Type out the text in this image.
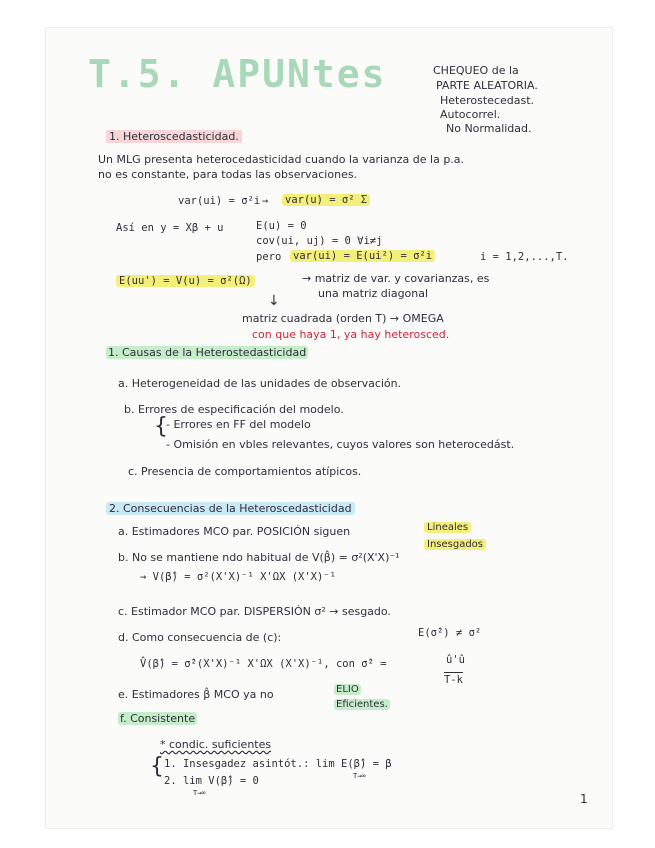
T.5. APUNtes	CHEQUEO de la
PARTE ALEATORIA.
Heterostecedast.
Autocorrel.
No Normalidad.
1. Heteroscedasticidad.
Un MLG presenta heterocedasticidad cuando la varianza de la p.a.
no es constante, para todas las observaciones.
var(ui) = σ²i → var(u) = σ² Σ
Así en y = Xβ + u	E(u) = 0
cov(ui, uj) = 0 ∀i≠j
pero var(ui) = E(ui²) = σ²i	i = 1,2,...,T.
E(uu') = V(u) = σ²(Ω)	→ matriz de var. y covarianzas, es
una matriz diagonal
↓
matriz cuadrada (orden T) → OMEGA
con que haya 1, ya hay heterosced.
1. Causas de la Heterostedasticidad
a. Heterogeneidad de las unidades de observación.
b. Errores de especificación del modelo.
{
- Errores en FF del modelo
- Omisión en vbles relevantes, cuyos valores son heterocedást.
c. Presencia de comportamientos atípicos.
2. Consecuencias de la Heteroscedasticidad
a. Estimadores MCO par. POSICIÓN siguen	Lineales
Insesgados
b. No se mantiene ndo habitual de V(β̂) = σ²(X'X)⁻¹
→ V(β̂) = σ²(X'X)⁻¹ X'ΩX (X'X)⁻¹
c. Estimador MCO par. DISPERSIÓN σ² → sesgado.
E(σ̂²) ≠ σ²
d. Como consecuencia de (c):
V̂(β̂) = σ̂²(X'X)⁻¹ X'ΩX (X'X)⁻¹, con σ̂² =	û'û
T-k
e. Estimadores β̂ MCO ya no	ELIO
Eficientes.
f. Consistente
* condic. suficientes
{ 1. Insesgadez asintót.: lim E(β̂) = β
T→∞
2. lim V(β̂) = 0
T→∞	1
